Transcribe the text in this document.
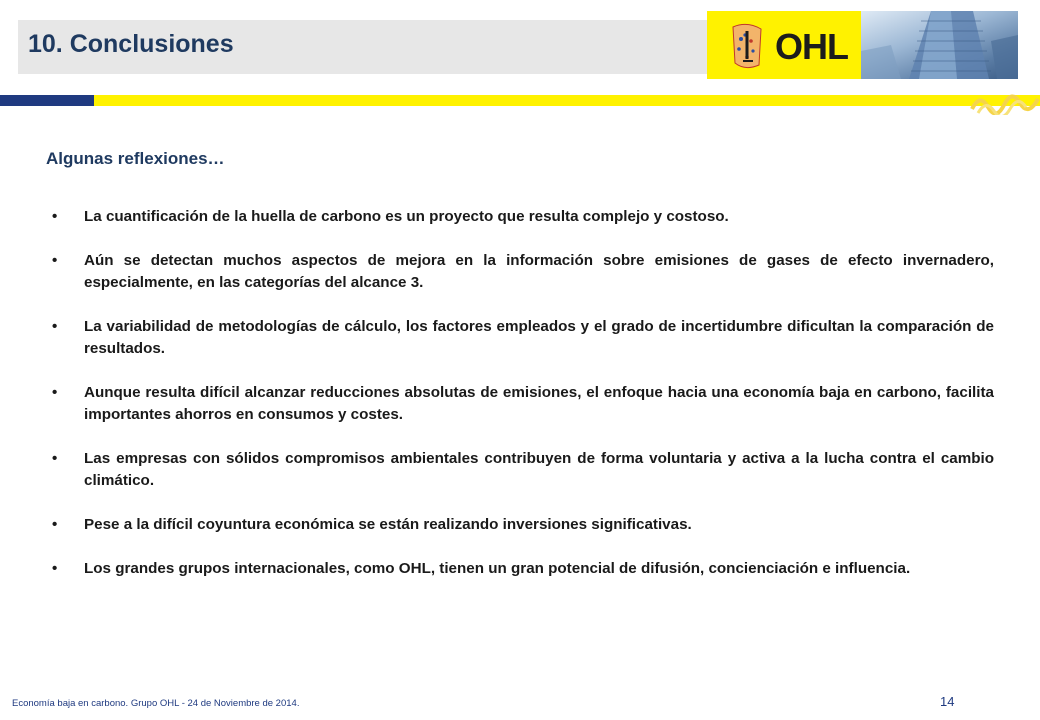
10. Conclusiones	OHL
Algunas reflexiones…
• La cuantificación de la huella de carbono es un proyecto que resulta complejo y costoso.
• Aún se detectan muchos aspectos de mejora en la información sobre emisiones de gases de efecto invernadero, especialmente, en las categorías del alcance 3.
• La variabilidad de metodologías de cálculo, los factores empleados y el grado de incertidumbre dificultan la comparación de resultados.
• Aunque resulta difícil alcanzar reducciones absolutas de emisiones, el enfoque hacia una economía baja en carbono, facilita importantes ahorros en consumos y costes.
• Las empresas con sólidos compromisos ambientales contribuyen de forma voluntaria y activa a la lucha contra el cambio climático.
• Pese a la difícil coyuntura económica se están realizando inversiones significativas.
• Los grandes grupos internacionales, como OHL, tienen un gran potencial de difusión, concienciación e influencia.
Economía baja en carbono. Grupo OHL - 24 de Noviembre de 2014.	14
